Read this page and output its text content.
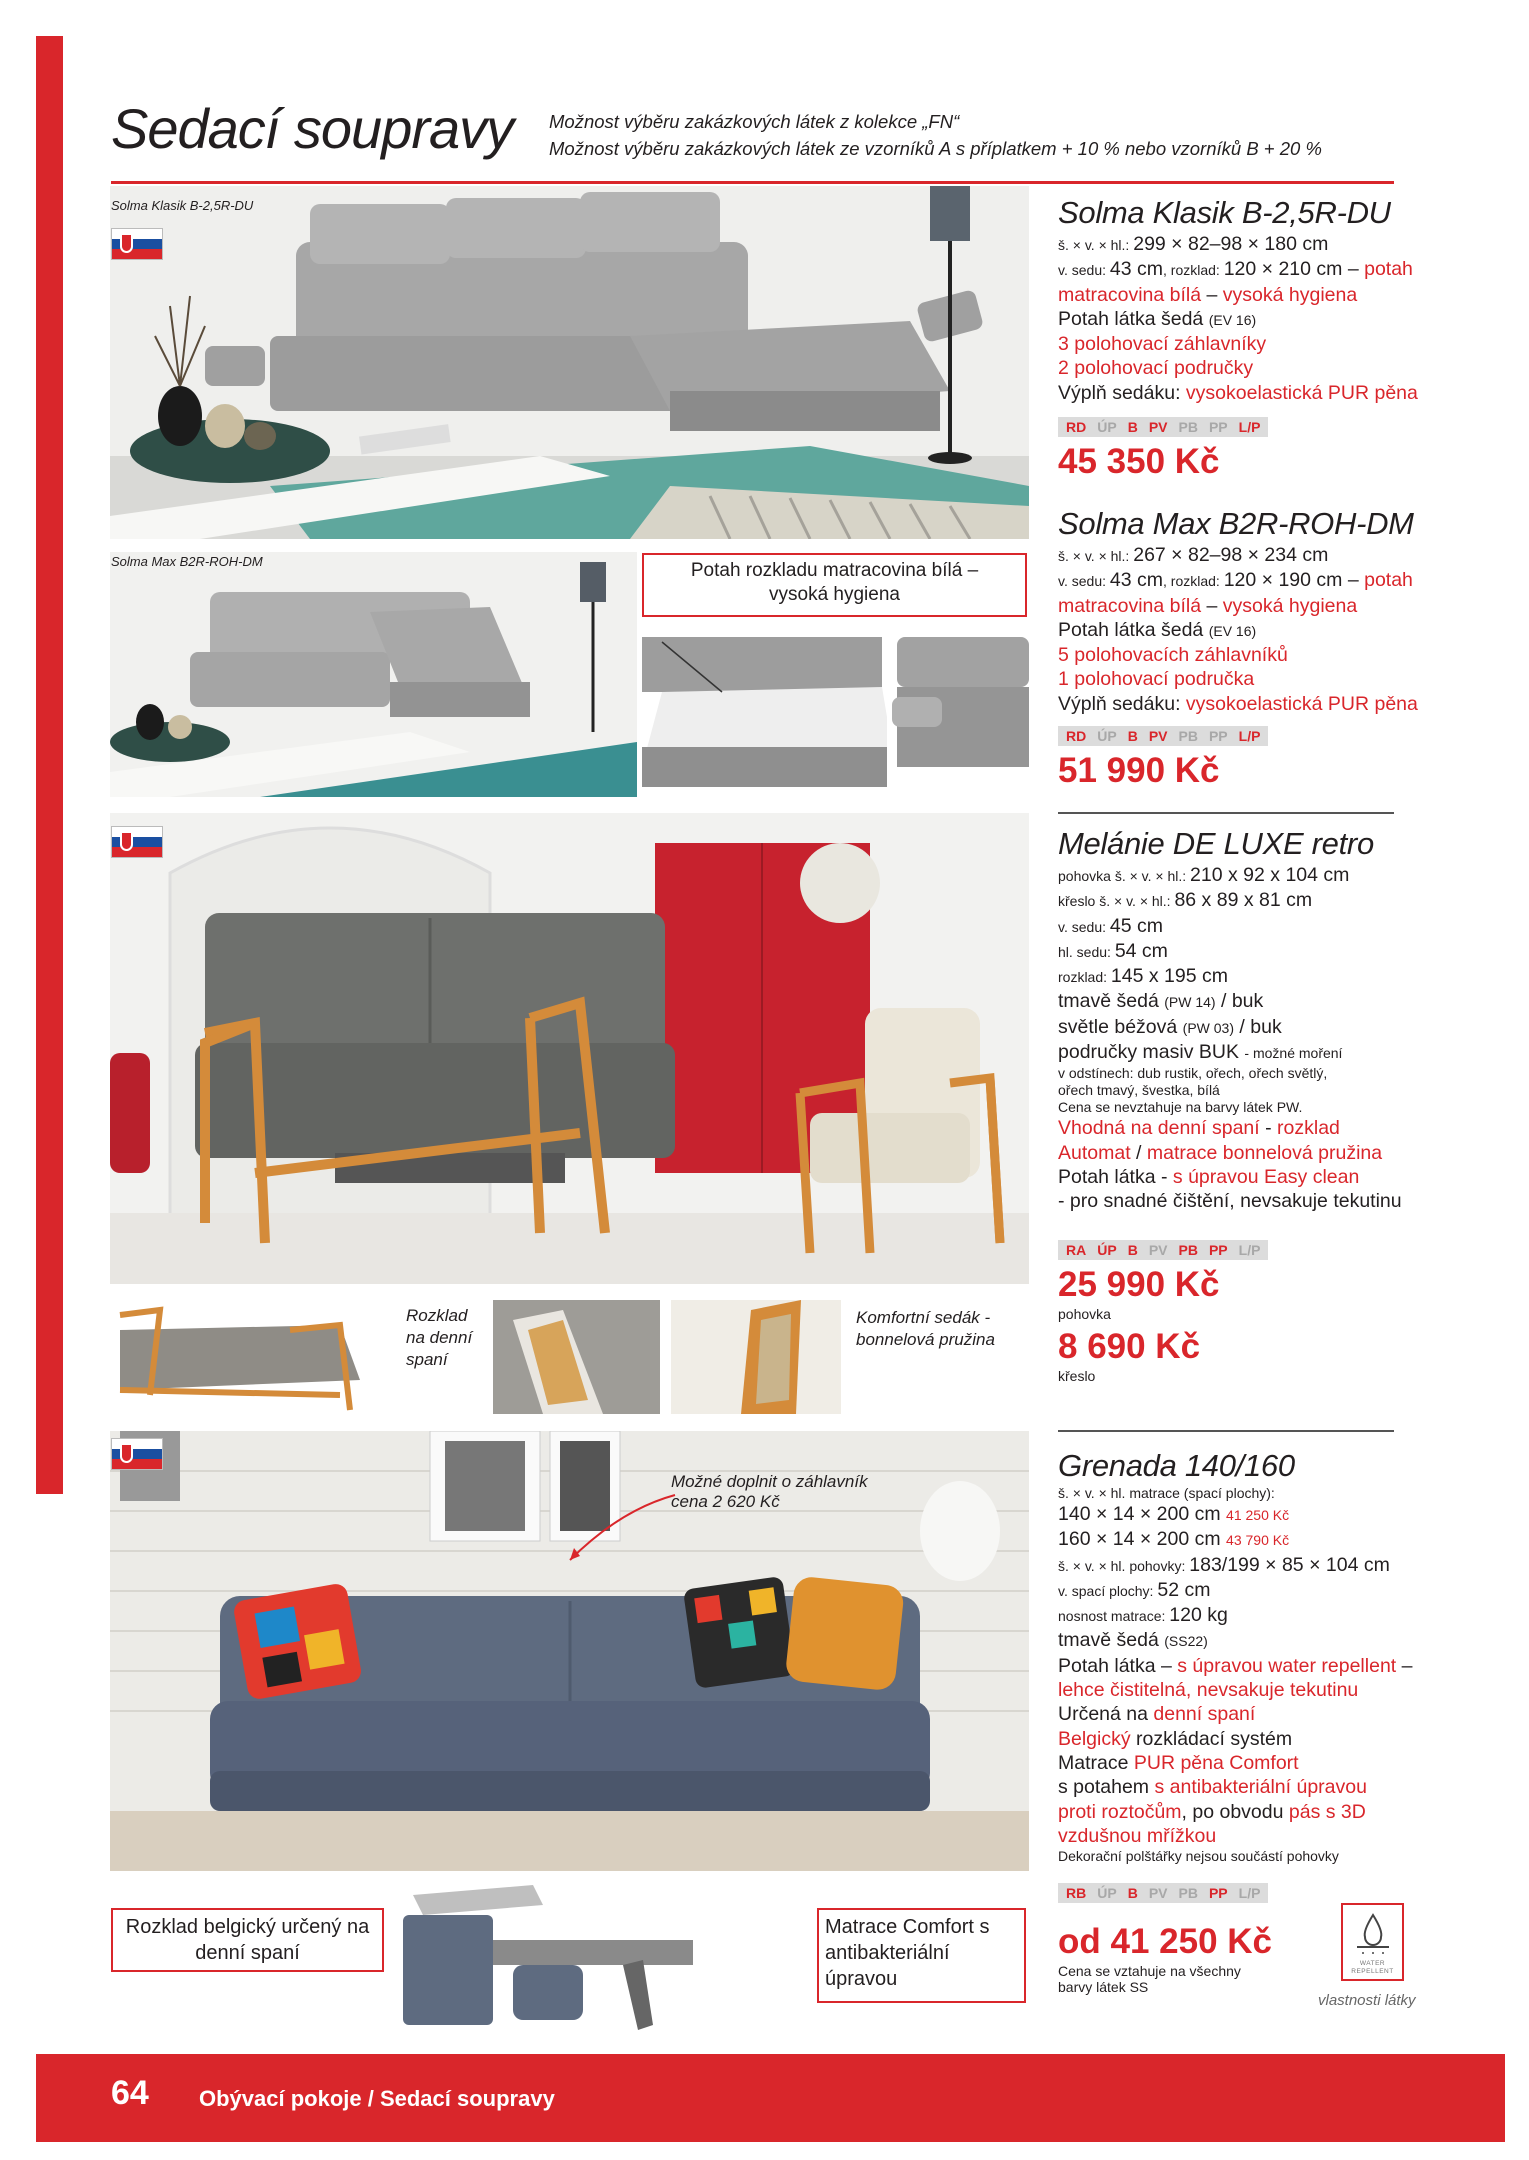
Sedací soupravy Možnost výběru zakázkových látek z kolekce „FN“
Možnost výběru zakázkových látek ze vzorníků A s příplatkem + 10 % nebo vzorníků B + 20 %
Solma Klasik B-2,5R-DU
Solma Max B2R-ROH-DM	Potah rozkladu matracovina bílá – vysoká hygiena
Rozklad na denní spaní
Komfortní sedák - bonnelová pružina
Možné doplnit o záhlavník cena 2 620 Kč
Rozklad belgický určený na denní spaní
Matrace Comfort s antibakteriální úpravou
Solma Klasik B-2,5R-DU
š. × v. × hl.: 299 × 82–98 × 180 cm
v. sedu: 43 cm, rozklad: 120 × 210 cm – potah
matracovina bílá – vysoká hygiena
Potah látka šedá (EV 16)
3 polohovací záhlavníky
2 polohovací područky
Výplň sedáku: vysokoelastická PUR pěna
RD ÚP B PV PB PP L/P
45 350 Kč
Solma Max B2R-ROH-DM
š. × v. × hl.: 267 × 82–98 × 234 cm
v. sedu: 43 cm, rozklad: 120 × 190 cm – potah
matracovina bílá – vysoká hygiena
Potah látka šedá (EV 16)
5 polohovacích záhlavníků
1 polohovací područka
Výplň sedáku: vysokoelastická PUR pěna
RD ÚP B PV PB PP L/P
51 990 Kč
Melánie DE LUXE retro
pohovka š. × v. × hl.: 210 x 92 x 104 cm
křeslo š. × v. × hl.: 86 x 89 x 81 cm
v. sedu: 45 cm
hl. sedu: 54 cm
rozklad: 145 x 195 cm
tmavě šedá (PW 14) / buk
světle béžová (PW 03) / buk
područky masiv BUK - možné moření
v odstínech: dub rustik, ořech, ořech světlý,
ořech tmavý, švestka, bílá
Cena se nevztahuje na barvy látek PW.
Vhodná na denní spaní - rozklad
Automat / matrace bonnelová pružina
Potah látka - s úpravou Easy clean
- pro snadné čištění, nevsakuje tekutinu
RA ÚP B PV PB PP L/P
25 990 Kč
pohovka
8 690 Kč
křeslo
Grenada 140/160
š. × v. × hl. matrace (spací plochy):
140 × 14 × 200 cm 41 250 Kč
160 × 14 × 200 cm 43 790 Kč
š. × v. × hl. pohovky: 183/199 × 85 × 104 cm
v. spací plochy: 52 cm
nosnost matrace: 120 kg
tmavě šedá (SS22)
Potah látka – s úpravou water repellent –
lehce čistitelná, nevsakuje tekutinu
Určená na denní spaní
Belgický rozkládací systém
Matrace PUR pěna Comfort
s potahem s antibakteriální úpravou
proti roztočům, po obvodu pás s 3D
vzdušnou mřížkou
Dekorační polštářky nejsou součástí pohovky
RB ÚP B PV PB PP L/P
od 41 250 Kč
Cena se vztahuje na všechny barvy látek SS
WATER REPELLENT
vlastnosti látky
64 Obývací pokoje / Sedací soupravy
